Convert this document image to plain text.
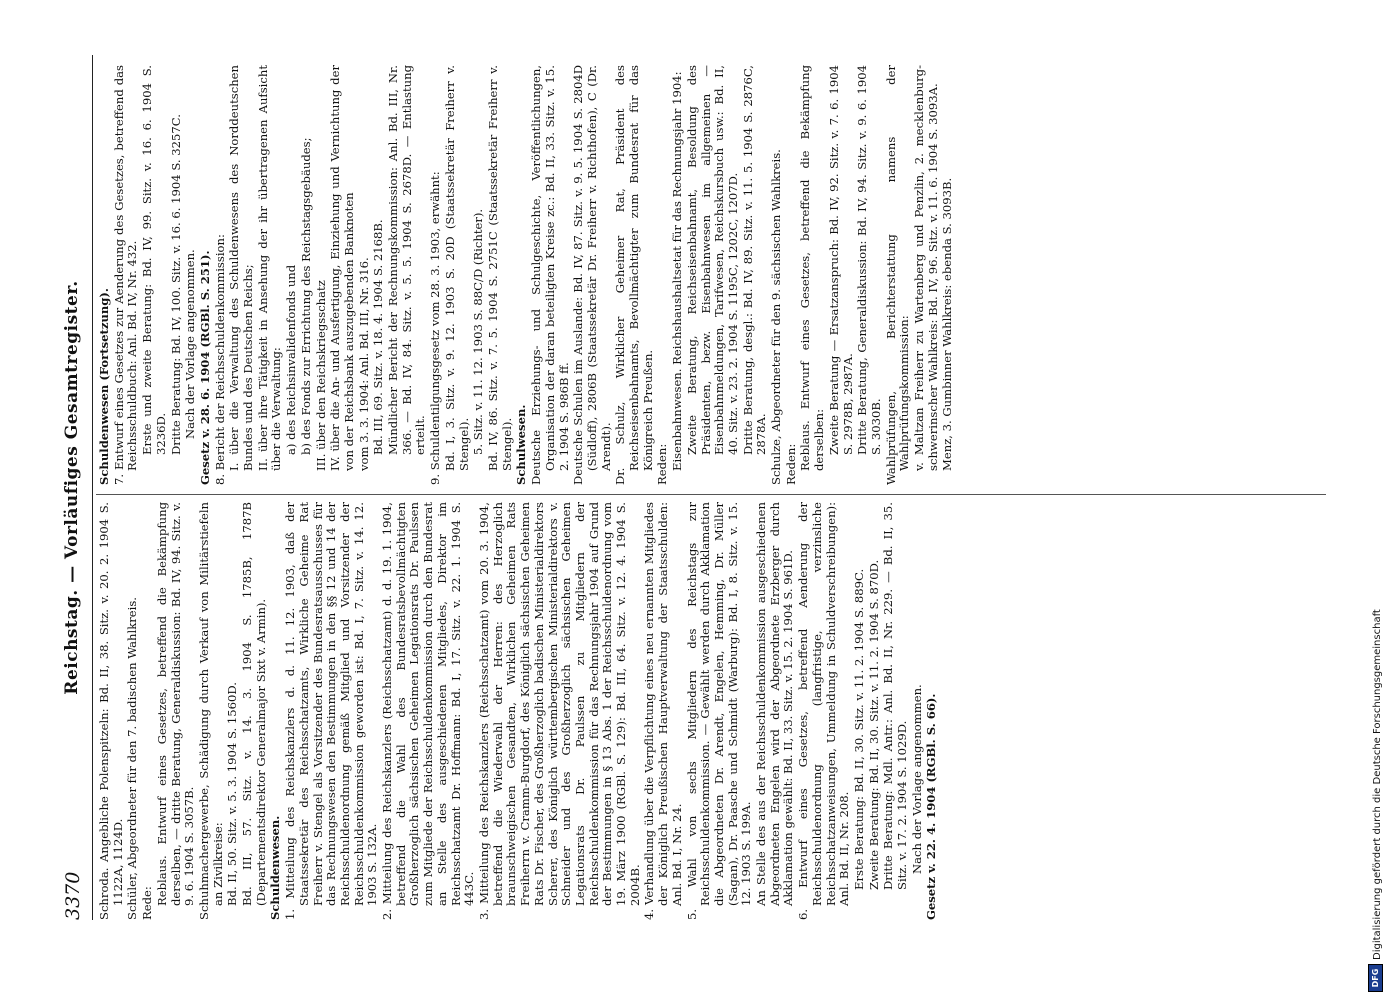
3370
Reichstag. — Vorläufiges Gesamtregister.
Schroda. Angebliche Polenspitzeln: Bd. II, 38. Sitz. v. 20. 2. 1904 S. 1122A, 1124D. Schüler, Abgeordneter für den 7. badischen Wahlkreis. Rede: Reblaus. Entwurf eines Gesetzes, betreffend die Bekämpfung derselben, — dritte Beratung, Generaldiskussion: Bd. IV, 94. Sitz. v. 9. 6. 1904 S. 3057B. Schuhmachergewerbe, Schädigung durch Verkauf von Militärstiefeln an Zivilkreise: Bd. II, 50. Sitz. v. 5. 3. 1904 S. 1560D. Bd. III, 57. Sitz. v. 14. 3. 1904 S. 1785B, 1787B (Departementsdirektor Generalmajor Sixt v. Armin). Schuldenwesen. 1. Mitteilung des Reichskanzlers d. d. 11. 12. 1903, daß der Staatssekretär des Reichsschatzamts, Wirkliche Geheime Rat Freiherr v. Stengel als Vorsitzender des Bundesratsausschusses für das Rechnungswesen den Bestimmungen in den §§ 12 und 14 der Reichsschuldenordnung gemäß Mitglied und Vorsitzender der Reichsschuldenkommission geworden ist: Bd. I, 7. Sitz. v. 14. 12. 1903 S. 132A. 2. Mitteilung des Reichskanzlers (Reichsschatzamt) d. d. 19. 1. 1904, betreffend die Wahl des Bundesratsbevollmächtigten Großherzoglich sächsischen Geheimen Legationsrats Dr. Paulssen zum Mitgliede der Reichsschuldenkommission durch den Bundesrat an Stelle des ausgeschiedenen Mitgliedes, Direktor im Reichsschatzamt Dr. Hoffmann: Bd. I, 17. Sitz. v. 22. 1. 1904 S. 443C. 3. Mitteilung des Reichskanzlers (Reichsschatzamt) vom 20. 3. 1904, betreffend die Wiederwahl der Herren: des Herzoglich braunschweigischen Gesandten, Wirklichen Geheimen Rats Freiherrn v. Cramm-Burgdorf, des Königlich sächsischen Geheimen Rats Dr. Fischer, des Großherzoglich badischen Ministerialdirektors Scherer, des Königlich württembergischen Ministerialdirektors v. Schneider und des Großherzoglich sächsischen Geheimen Legationsrats Dr. Paulssen zu Mitgliedern der Reichsschuldenkommission für das Rechnungsjahr 1904 auf Grund der Bestimmungen in § 13 Abs. 1 der Reichsschuldenordnung vom 19. März 1900 (RGBl. S. 129): Bd. III, 64. Sitz. v. 12. 4. 1904 S. 2004B. 4. Verhandlung über die Verpflichtung eines neu ernannten Mitgliedes der Königlich Preußischen Hauptverwaltung der Staatsschulden: Anl. Bd. I, Nr. 24. 5. Wahl von sechs Mitgliedern des Reichstags zur Reichsschuldenkommission. — Gewählt werden durch Akklamation die Abgeordneten Dr. Arendt, Engelen, Hemming, Dr. Müller (Sagan), Dr. Paasche und Schmidt (Warburg): Bd. I, 8. Sitz. v. 15. 12. 1903 S. 199A. An Stelle des aus der Reichsschuldenkommission ausgeschiedenen Abgeordneten Engelen wird der Abgeordnete Erzberger durch Akklamation gewählt: Bd. II, 33. Sitz. v. 15. 2. 1904 S. 961D. 6. Entwurf eines Gesetzes, betreffend Aenderung der Reichsschuldenordnung (langfristige, verzinsliche Reichsschatzanweisungen, Ummeldung in Schuldverschreibungen): Anl. Bd. II, Nr. 208. Erste Beratung: Bd. II, 30. Sitz. v. 11. 2. 1904 S. 889C. Zweite Beratung: Bd. II, 30. Sitz. v. 11. 2. 1904 S. 870D. Dritte Beratung: Mdl. Antr.: Anl. Bd. II, Nr. 229. — Bd. II, 35. Sitz. v. 17. 2. 1904 S. 1029D. Nach der Vorlage angenommen. Gesetz v. 22. 4. 1904 (RGBl. S. 66).
Schuldenwesen (Fortsetzung). 7. Entwurf eines Gesetzes zur Aenderung des Gesetzes, betreffend das Reichsschuldbuch: Anl. Bd. IV, Nr. 432. Erste und zweite Beratung: Bd. IV, 99. Sitz. v. 16. 6. 1904 S. 3236D. Dritte Beratung: Bd. IV, 100. Sitz. v. 16. 6. 1904 S. 3257C. Nach der Vorlage angenommen. Gesetz v. 28. 6. 1904 (RGBl. S. 251). 8. Bericht der Reichsschuldenkommission: I. über die Verwaltung des Schuldenwesens des Norddeutschen Bundes und des Deutschen Reichs; II. über ihre Tätigkeit in Ansehung der ihr übertragenen Aufsicht über die Verwaltung: a) des Reichsinvalidenfonds und b) des Fonds zur Errichtung des Reichstagsgebäudes; III. über den Reichskriegsschatz IV. über die An- und Ausfertigung, Einziehung und Vernichtung der von der Reichsbank auszugebenden Banknoten vom 3. 3. 1904: Anl. Bd. III, Nr. 316. Bd. III, 69. Sitz. v. 18. 4. 1904 S. 2168B. Mündlicher Bericht der Rechnungskommission: Anl. Bd. III, Nr. 366. — Bd. IV, 84. Sitz. v. 5. 5. 1904 S. 2678D. — Entlastung erteilt. 9. Schuldentilgungsgesetz vom 28. 3. 1903, erwähnt: Bd. I, 3. Sitz. v. 9. 12. 1903 S. 20D (Staatssekretär Freiherr v. Stengel). 5. Sitz. v. 11. 12. 1903 S. 88C/D (Richter). Bd. IV, 86. Sitz. v. 7. 5. 1904 S. 2751C (Staatssekretär Freiherr v. Stengel). Schulwesen. Deutsche Erziehungs- und Schulgeschichte, Veröffentlichungen, Organisation der daran beteiligten Kreise zc.: Bd. II, 33. Sitz. v. 15. 2. 1904 S. 986B ff. Deutsche Schulen im Auslande: Bd. IV, 87. Sitz. v. 9. 5. 1904 S. 2804D (Südloff), 2806B (Staatssekretär Dr. Freiherr v. Richthofen), C (Dr. Arendt). Dr. Schulz, Wirklicher Geheimer Rat, Präsident des Reichseisenbahnamts, Bevollmächtigter zum Bundesrat für das Königreich Preußen. Reden: Eisenbahnwesen. Reichshaushaltsetat für das Rechnungsjahr 1904: Zweite Beratung, Reichseisenbahnamt, Besoldung des Präsidenten, bezw. Eisenbahnwesen im allgemeinen — Eisenbahnmeldungen, Tarifwesen, Reichskursbuch usw.: Bd. II, 40. Sitz. v. 23. 2. 1904 S. 1195C, 1202C, 1207D. Dritte Beratung, desgl.: Bd. IV, 89. Sitz. v. 11. 5. 1904 S. 2876C, 2878A. Schulze, Abgeordneter für den 9. sächsischen Wahlkreis. Reden: Reblaus. Entwurf eines Gesetzes, betreffend die Bekämpfung derselben: Zweite Beratung — Ersatzanspruch: Bd. IV, 92. Sitz. v. 7. 6. 1904 S. 2978B, 2987A. Dritte Beratung, Generaldiskussion: Bd. IV, 94. Sitz. v. 9. 6. 1904 S. 3030B. Wahlprüfungen, Berichterstattung namens der Wahlprüfungskommission: v. Maltzan Freiherr zu Wartenberg und Penzlin, 2. mecklenburg-schwerinscher Wahlkreis: Bd. IV, 96. Sitz. v. 11. 6. 1904 S. 3093A. Menz, 3. Gumbinner Wahlkreis: ebenda S. 3093B.
DFG
Digitalisierung gefördert durch die Deutsche Forschungsgemeinschaft
